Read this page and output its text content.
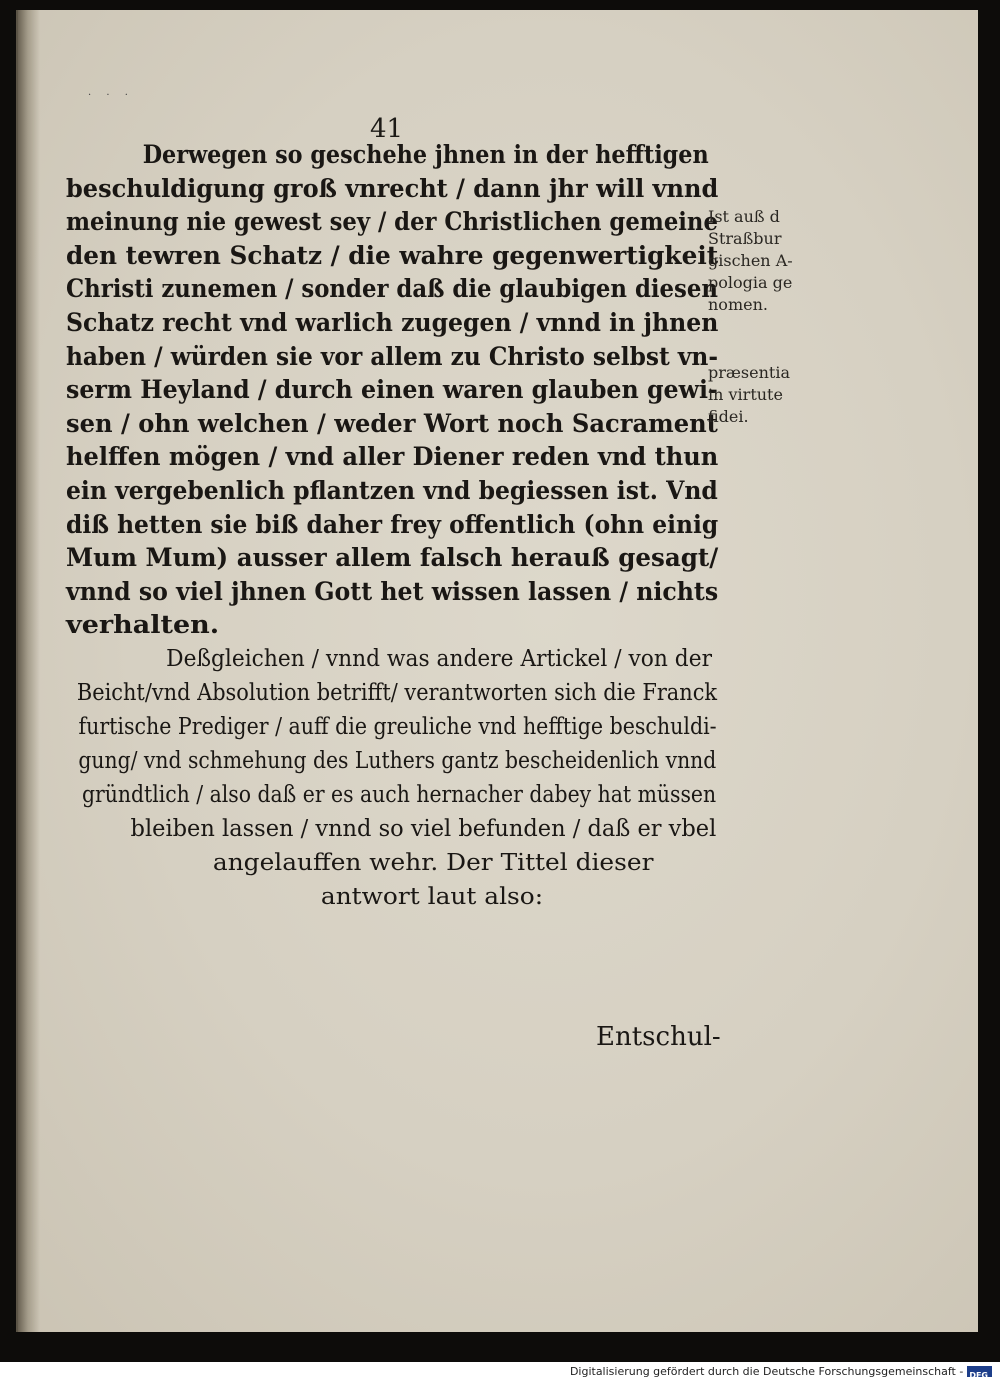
· · ·
41
Derwegen so geschehe jhnen in der hefftigen
beschuldigung groß vnrecht / dann jhr will vnnd
meinung nie gewest sey / der Christlichen gemeine
den tewren Schatz / die wahre gegenwertigkeit
Christi zunemen / sonder daß die glaubigen diesen
Schatz recht vnd warlich zugegen / vnnd in jhnen
haben / würden sie vor allem zu Christo selbst vn-
serm Heyland / durch einen waren glauben gewi-
sen / ohn welchen / weder Wort noch Sacrament
helffen mögen / vnd aller Diener reden vnd thun
ein vergebenlich pflantzen vnd begiessen ist. Vnd
diß hetten sie biß daher frey offentlich (ohn einig
Mum Mum) ausser allem falsch herauß gesagt/
vnnd so viel jhnen Gott het wissen lassen / nichts
verhalten.
Deßgleichen / vnnd was andere Artickel / von der
Beicht/vnd Absolution betrifft/ verantworten sich die Franck
furtische Prediger / auff die greuliche vnd hefftige beschuldi-
gung/ vnd schmehung des Luthers gantz bescheidenlich vnnd
gründtlich / also daß er es auch hernacher dabey hat müssen
bleiben lassen / vnnd so viel befunden / daß er vbel
angelauffen wehr. Der Tittel dieser
antwort laut also:
Ist auß d
Straßbur
gischen A-
pologia ge
nomen.
præsentia
in virtute
fidei.
Entschul-
Digitalisierung gefördert durch die Deutsche Forschungsgemeinschaft - DFG
